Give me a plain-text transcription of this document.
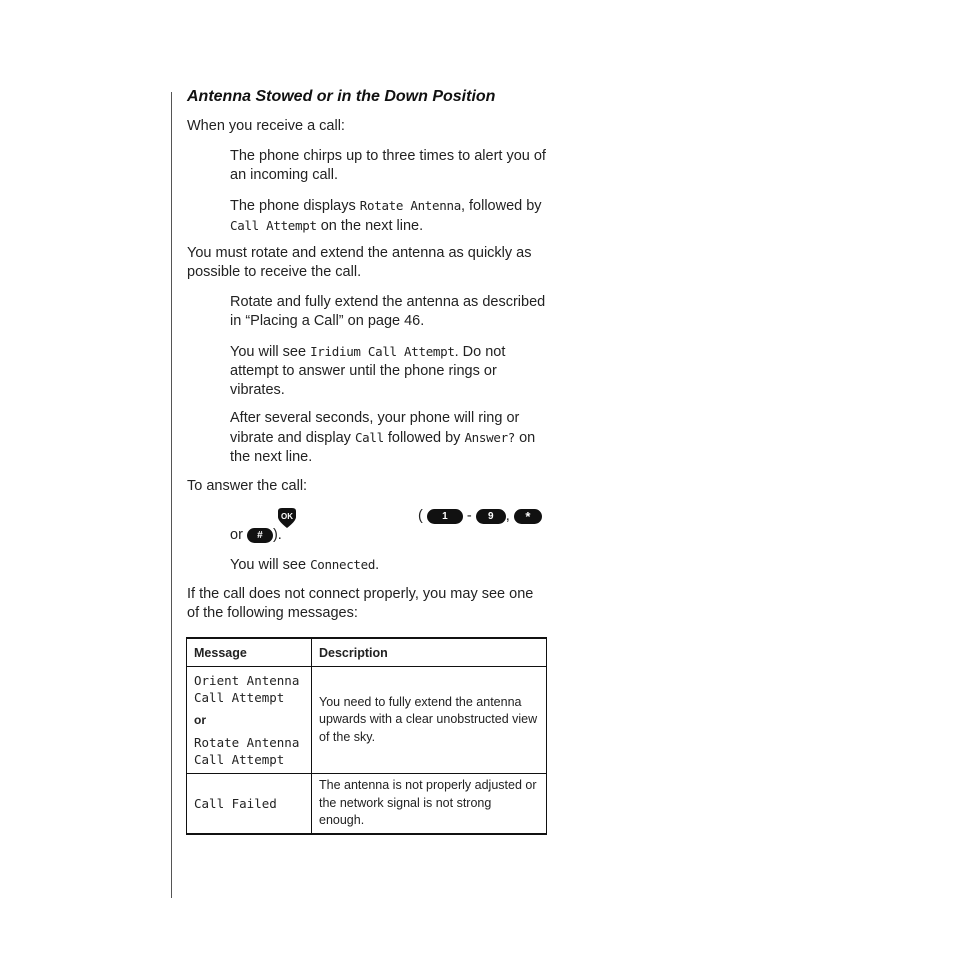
Antenna Stowed or in the Down Position

When you receive a call:

The phone chirps up to three times to alert you of an incoming call.

The phone displays Rotate Antenna, followed by Call Attempt on the next line.

You must rotate and extend the antenna as quickly as possible to receive the call.

Rotate and fully extend the antenna as described in “Placing a Call” on page 46.

You will see Iridium Call Attempt. Do not attempt to answer until the phone rings or vibrates.

After several seconds, your phone will ring or vibrate and display Call followed by Answer? on the next line.

To answer the call:

OK	( 1 - 9 , *
or # ).

You will see Connected.

If the call does not connect properly, you may see one of the following messages:

Message	Description

Orient Antenna
Call Attempt
or
Rotate Antenna
Call Attempt	You need to fully extend the antenna upwards with a clear unobstructed view of the sky.

Call Failed	The antenna is not properly adjusted or the network signal is not strong enough.
